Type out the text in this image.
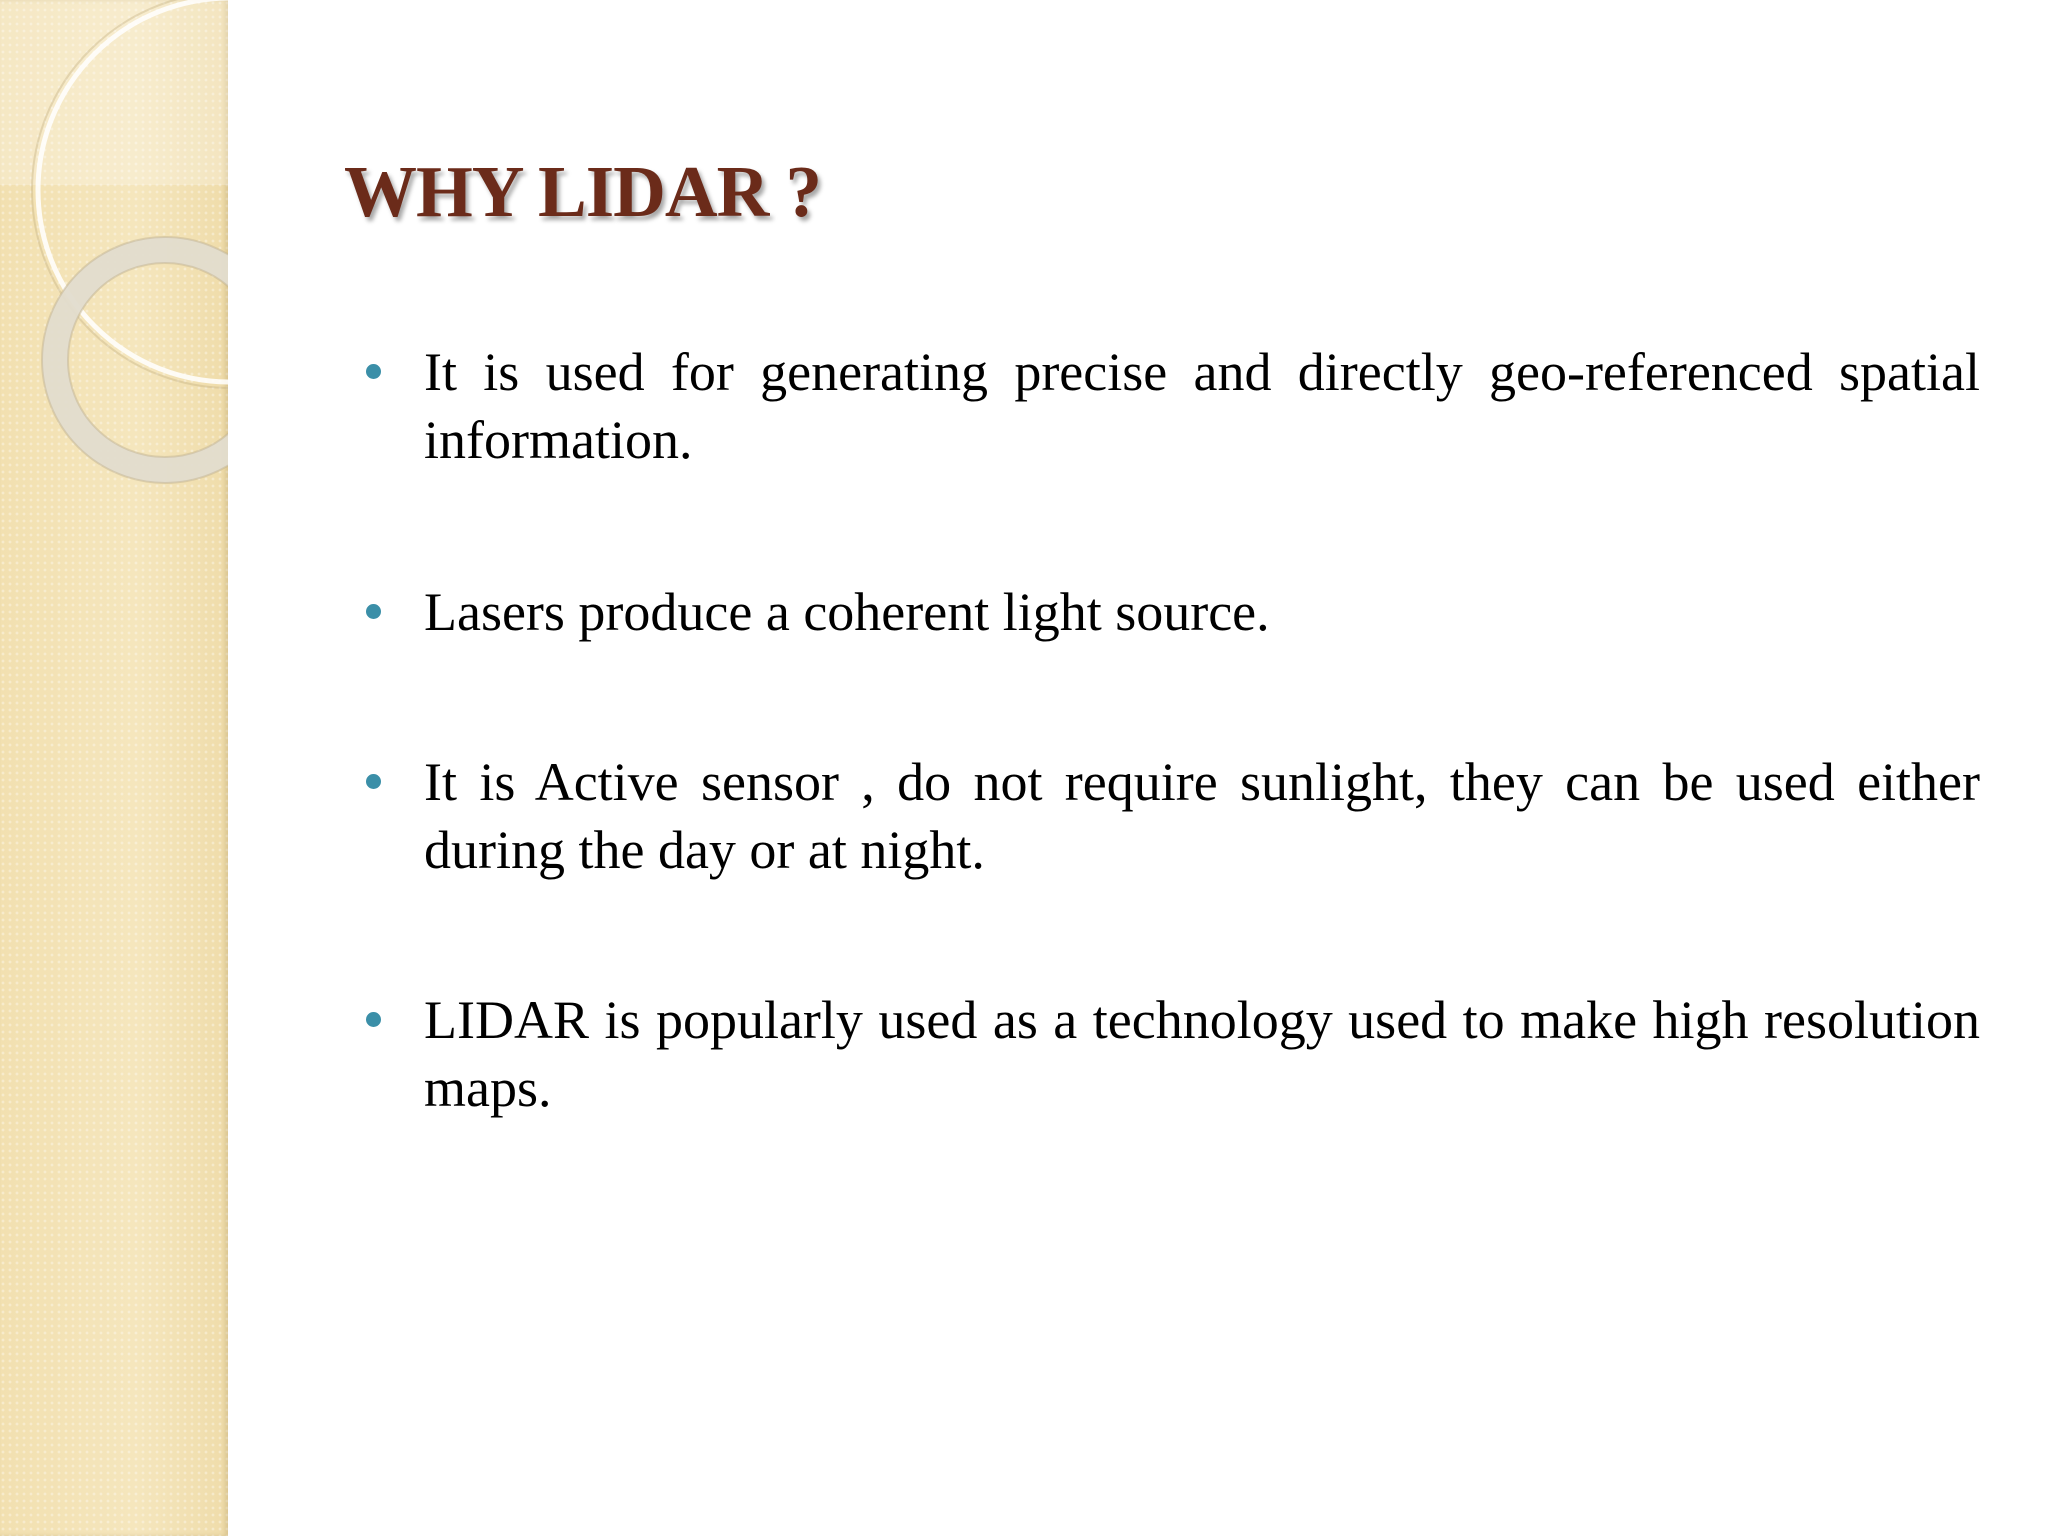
WHY LIDAR ?

It is used for generating precise and directly geo-referenced spatial information.

Lasers produce a coherent light source.

It is Active sensor , do not require sunlight, they can be used either during the day or at night.

LIDAR is popularly used as a technology used to make high resolution maps.
